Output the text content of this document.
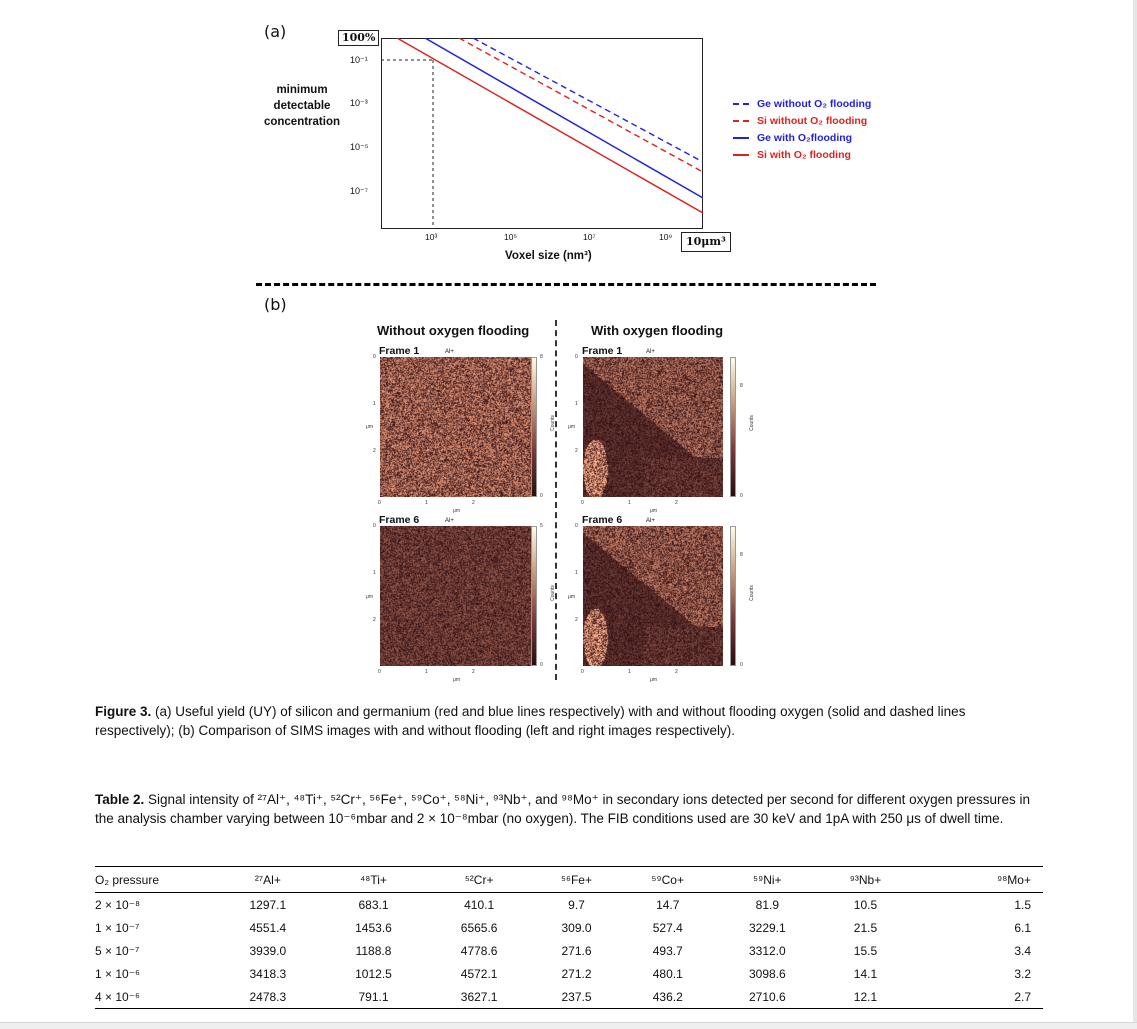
(a)	100%
minimum
detectable
concentration
10⁻¹
10⁻³
10⁻⁵
10⁻⁷
10³	10⁵	10⁷	10⁹	10μm³
Voxel size (nm³)
Ge without O₂ flooding
Si without O₂ flooding
Ge with O₂flooding
Si with O₂ flooding
(b)
Without oxygen flooding	With oxygen flooding
Frame 1	Al+
8
0
Counts
0
1
2
μm
0	1	2
μm
Frame 6	Al+
5
0
Counts
0
1
2
μm
0	1	2
μm
Frame 1	Al+
8
0
Counts
0
1
2
μm
0	1	2
μm
Frame 6	Al+
8
0
Counts
0
1
2
μm
0	1	2
μm
Figure 3. (a) Useful yield (UY) of silicon and germanium (red and blue lines respectively) with and without flooding oxygen (solid and dashed lines respectively); (b) Comparison of SIMS images with and without flooding (left and right images respectively).
Table 2. Signal intensity of ²⁷Al⁺, ⁴⁸Ti⁺, ⁵²Cr⁺, ⁵⁶Fe⁺, ⁵⁹Co⁺, ⁵⁸Ni⁺, ⁹³Nb⁺, and ⁹⁸Mo⁺ in secondary ions detected per second for different oxygen pressures in the analysis chamber varying between 10⁻⁶mbar and 2 × 10⁻⁸mbar (no oxygen). The FIB conditions used are 30 keV and 1pA with 250 μs of dwell time.
O₂ pressure	²⁷Al+	⁴⁸Ti+	⁵²Cr+	⁵⁶Fe+	⁵⁹Co+	⁵⁹Ni+	⁹³Nb+	⁹⁸Mo+
2 × 10⁻⁸	1297.1	683.1	410.1	9.7	14.7	81.9	10.5	1.5
1 × 10⁻⁷	4551.4	1453.6	6565.6	309.0	527.4	3229.1	21.5	6.1
5 × 10⁻⁷	3939.0	1188.8	4778.6	271.6	493.7	3312.0	15.5	3.4
1 × 10⁻⁶	3418.3	1012.5	4572.1	271.2	480.1	3098.6	14.1	3.2
4 × 10⁻⁶	2478.3	791.1	3627.1	237.5	436.2	2710.6	12.1	2.7
